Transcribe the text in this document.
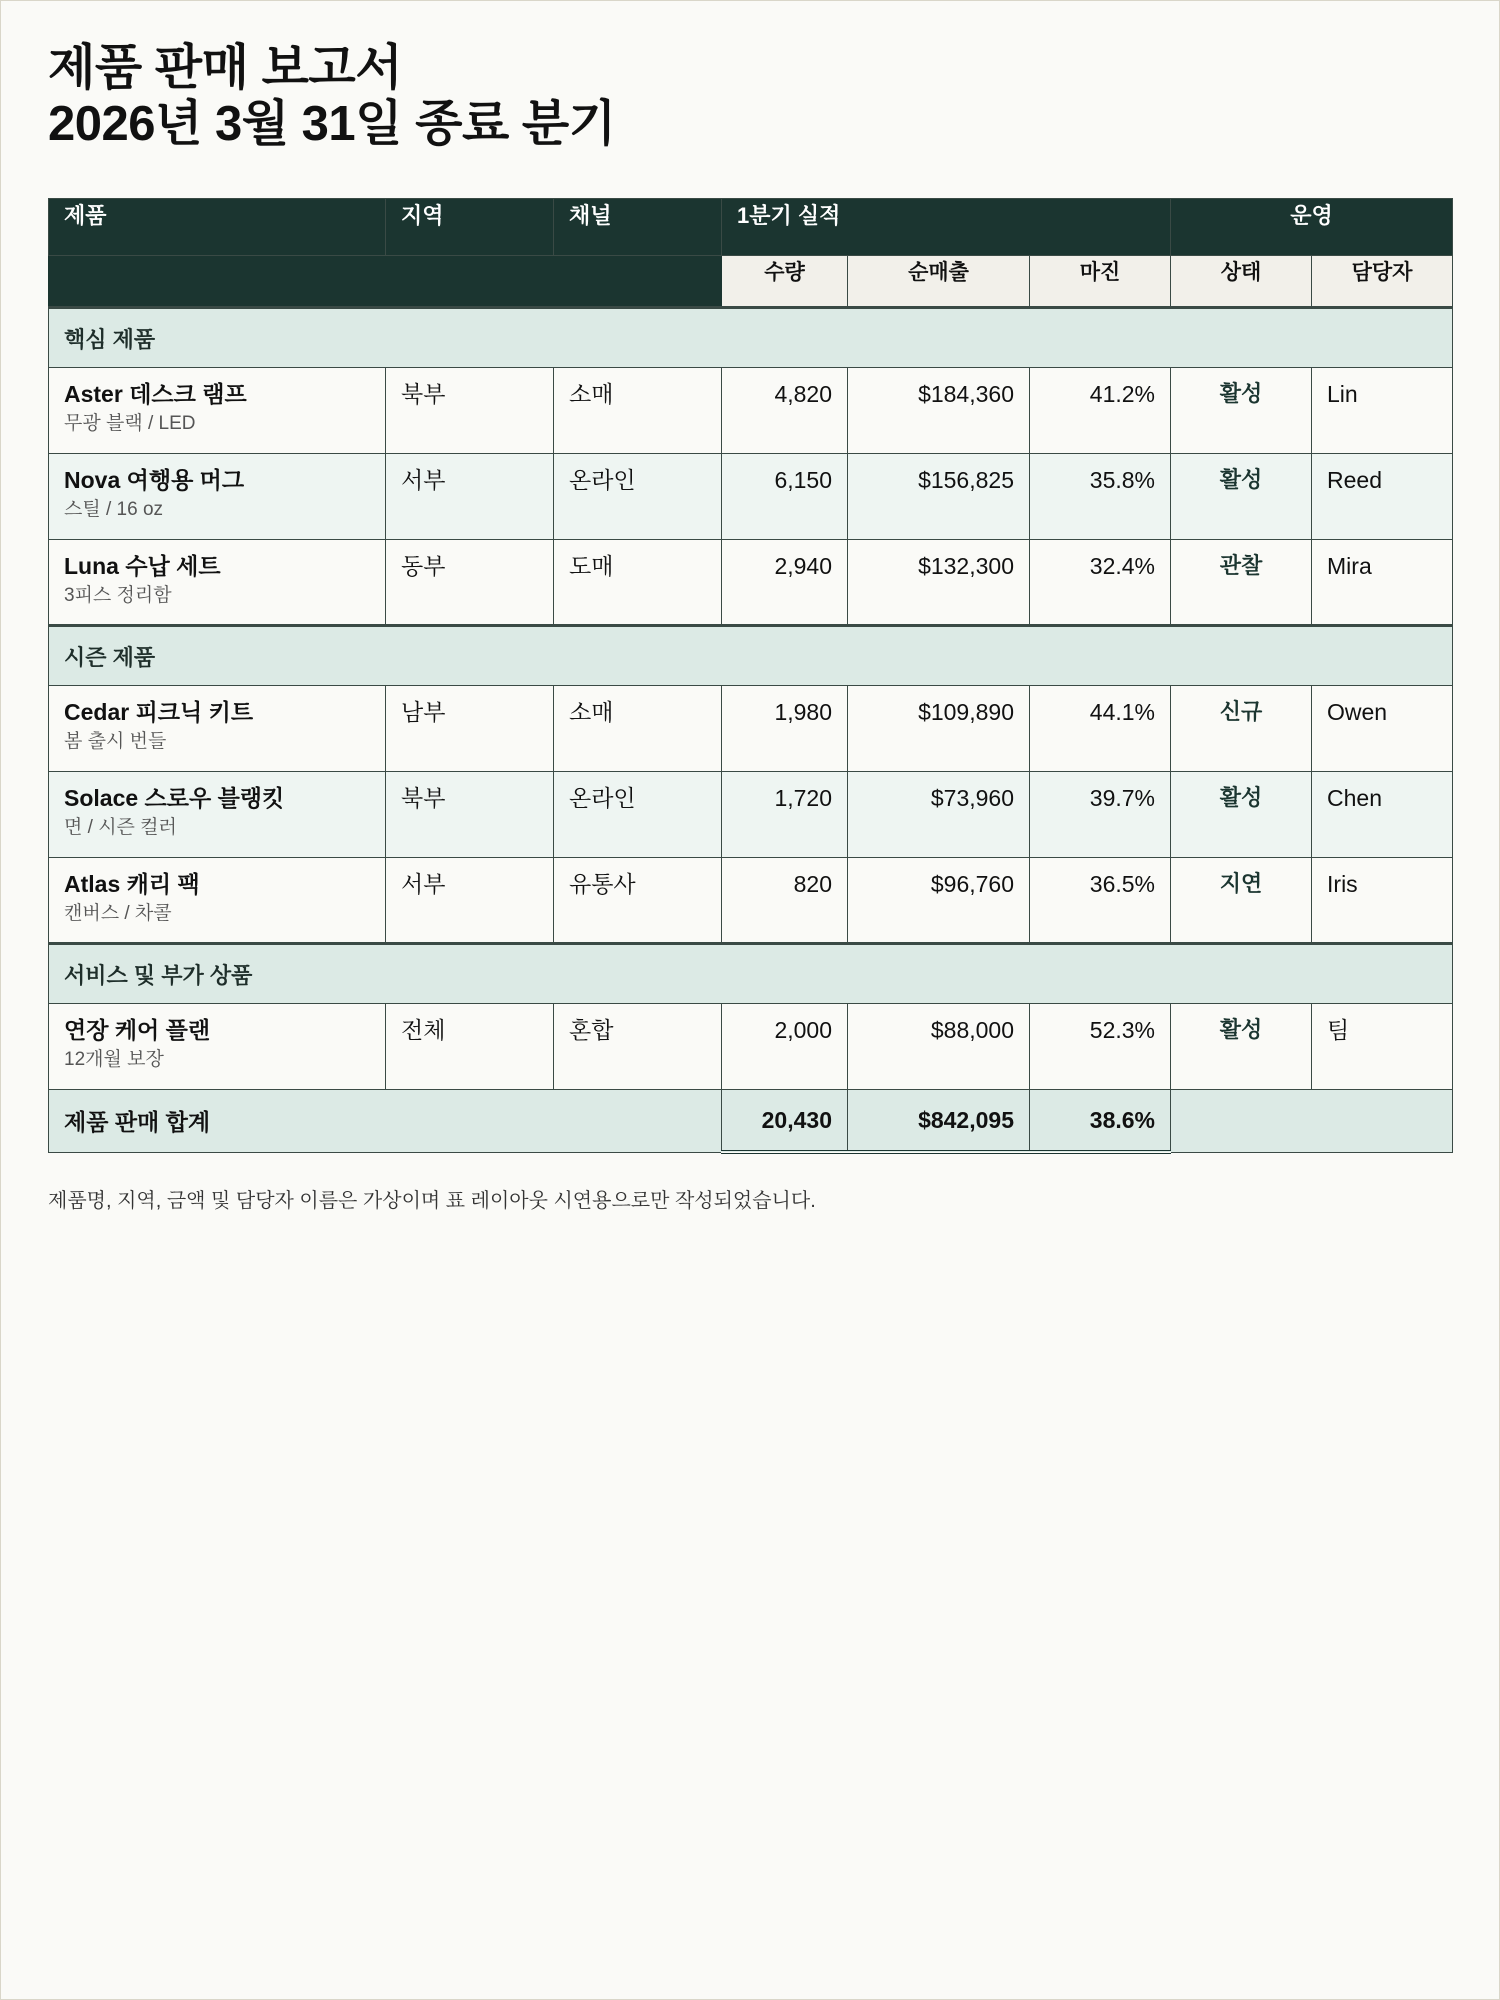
제품 판매 보고서
2026년 3월 31일 종료 분기
제품	지역	채널	1분기 실적			운영	
			수량	순매출	마진	상태	담당자
핵심 제품							

Aster 데스크 램프
무광 블랙 / LED	북부	소매	4,820	$184,360	41.2%	활성	Lin

Nova 여행용 머그
스틸 / 16 oz	서부	온라인	6,150	$156,825	35.8%	활성	Reed

Luna 수납 세트
3피스 정리함	동부	도매	2,940	$132,300	32.4%	관찰	Mira
시즌 제품							

Cedar 피크닉 키트
봄 출시 번들	남부	소매	1,980	$109,890	44.1%	신규	Owen

Solace 스로우 블랭킷
면 / 시즌 컬러	북부	온라인	1,720	$73,960	39.7%	활성	Chen

Atlas 캐리 팩
캔버스 / 차콜	서부	유통사	820	$96,760	36.5%	지연	Iris
서비스 및 부가 상품							

연장 케어 플랜
12개월 보장	전체	혼합	2,000	$88,000	52.3%	활성	팀
제품 판매 합계			20,430	$842,095	38.6%		

제품명, 지역, 금액 및 담당자 이름은 가상이며 표 레이아웃 시연용으로만 작성되었습니다.
